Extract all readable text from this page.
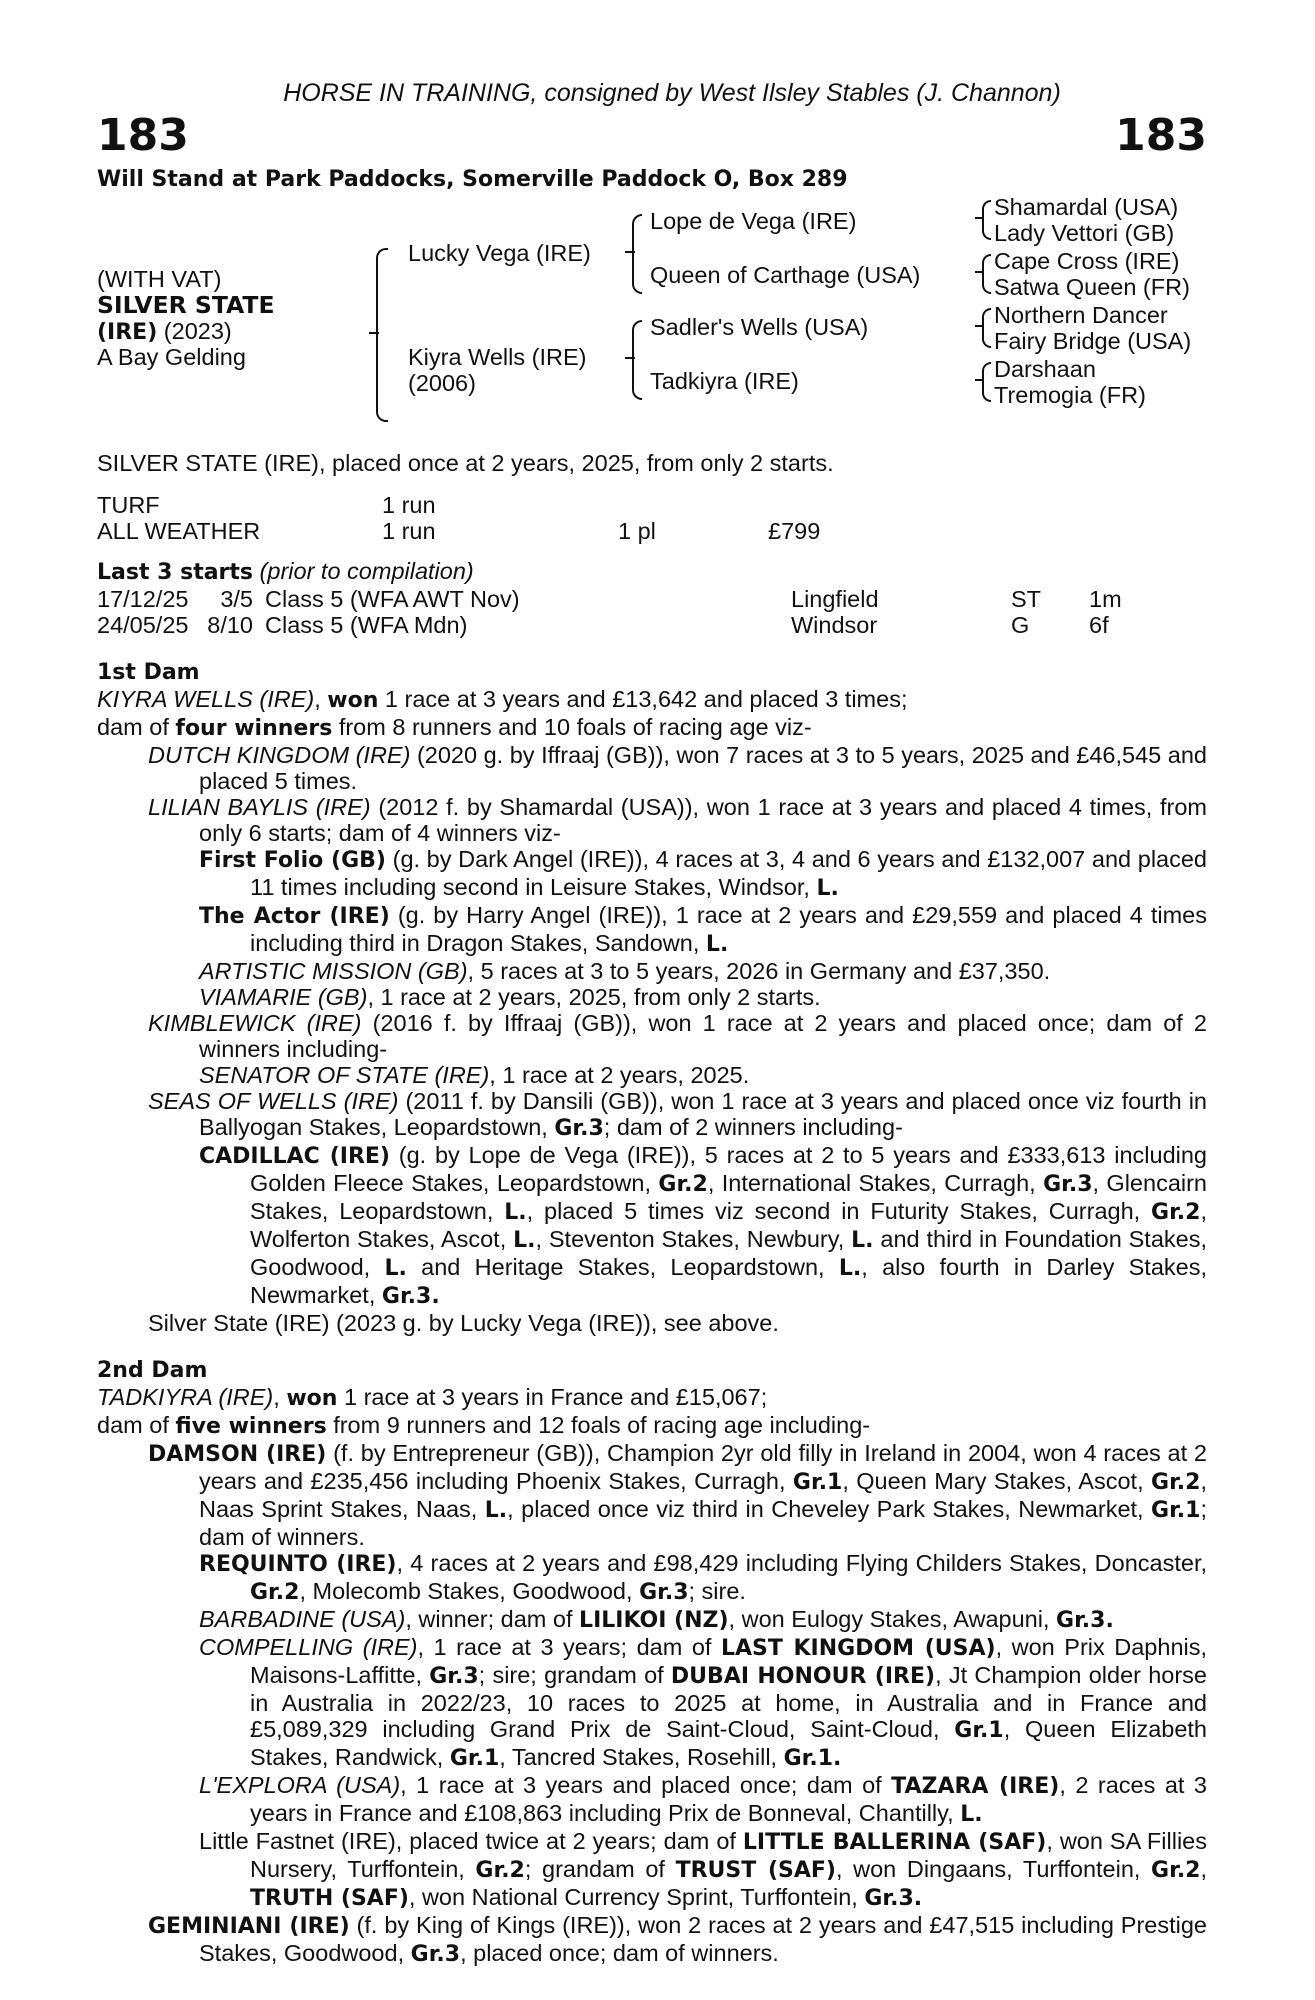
HORSE IN TRAINING, consigned by West Ilsley Stables (J. Channon)
183	183
Will Stand at Park Paddocks, Somerville Paddock O, Box 289
(WITH VAT)
SILVER STATE
(IRE) (2023)
A Bay Gelding
Lucky Vega (IRE)
Kiyra Wells (IRE)
(2006)
Lope de Vega (IRE)
Queen of Carthage (USA)
Sadler's Wells (USA)
Tadkiyra (IRE)
Shamardal (USA)
Lady Vettori (GB)
Cape Cross (IRE)
Satwa Queen (FR)
Northern Dancer
Fairy Bridge (USA)
Darshaan
Tremogia (FR)
SILVER STATE (IRE), placed once at 2 years, 2025, from only 2 starts.
TURF	1 run		
ALL WEATHER	1 run	1 pl	£799
Last 3 starts (prior to compilation)
17/12/25	3/5	Class 5 (WFA AWT Nov)	Lingfield	ST	1m
24/05/25	8/10	Class 5 (WFA Mdn)	Windsor	G	6f
1st Dam

KIYRA WELLS (IRE), won 1 race at 3 years and £13,642 and placed 3 times;

dam of four winners from 8 runners and 10 foals of racing age viz-

DUTCH KINGDOM (IRE) (2020 g. by Iffraaj (GB)), won 7 races at 3 to 5 years, 2025 and £46,545 and placed 5 times.

LILIAN BAYLIS (IRE) (2012 f. by Shamardal (USA)), won 1 race at 3 years and placed 4 times, from only 6 starts; dam of 4 winners viz-

First Folio (GB) (g. by Dark Angel (IRE)), 4 races at 3, 4 and 6 years and £132,007 and placed 11 times including second in Leisure Stakes, Windsor, L.

The Actor (IRE) (g. by Harry Angel (IRE)), 1 race at 2 years and £29,559 and placed 4 times including third in Dragon Stakes, Sandown, L.

ARTISTIC MISSION (GB), 5 races at 3 to 5 years, 2026 in Germany and £37,350.

VIAMARIE (GB), 1 race at 2 years, 2025, from only 2 starts.

KIMBLEWICK (IRE) (2016 f. by Iffraaj (GB)), won 1 race at 2 years and placed once; dam of 2 winners including-

SENATOR OF STATE (IRE), 1 race at 2 years, 2025.

SEAS OF WELLS (IRE) (2011 f. by Dansili (GB)), won 1 race at 3 years and placed once viz fourth in Ballyogan Stakes, Leopardstown, Gr.3; dam of 2 winners including-

CADILLAC (IRE) (g. by Lope de Vega (IRE)), 5 races at 2 to 5 years and £333,613 including Golden Fleece Stakes, Leopardstown, Gr.2, International Stakes, Curragh, Gr.3, Glencairn Stakes, Leopardstown, L., placed 5 times viz second in Futurity Stakes, Curragh, Gr.2, Wolferton Stakes, Ascot, L., Steventon Stakes, Newbury, L. and third in Foundation Stakes, Goodwood, L. and Heritage Stakes, Leopardstown, L., also fourth in Darley Stakes, Newmarket, Gr.3.

Silver State (IRE) (2023 g. by Lucky Vega (IRE)), see above.

2nd Dam

TADKIYRA (IRE), won 1 race at 3 years in France and £15,067;

dam of five winners from 9 runners and 12 foals of racing age including-

DAMSON (IRE) (f. by Entrepreneur (GB)), Champion 2yr old filly in Ireland in 2004, won 4 races at 2 years and £235,456 including Phoenix Stakes, Curragh, Gr.1, Queen Mary Stakes, Ascot, Gr.2, Naas Sprint Stakes, Naas, L., placed once viz third in Cheveley Park Stakes, Newmarket, Gr.1; dam of winners.

REQUINTO (IRE), 4 races at 2 years and £98,429 including Flying Childers Stakes, Doncaster, Gr.2, Molecomb Stakes, Goodwood, Gr.3; sire.

BARBADINE (USA), winner; dam of LILIKOI (NZ), won Eulogy Stakes, Awapuni, Gr.3.

COMPELLING (IRE), 1 race at 3 years; dam of LAST KINGDOM (USA), won Prix Daphnis, Maisons-Laffitte, Gr.3; sire; grandam of DUBAI HONOUR (IRE), Jt Champion older horse in Australia in 2022/23, 10 races to 2025 at home, in Australia and in France and £5,089,329 including Grand Prix de Saint-Cloud, Saint-Cloud, Gr.1, Queen Elizabeth Stakes, Randwick, Gr.1, Tancred Stakes, Rosehill, Gr.1.

L'EXPLORA (USA), 1 race at 3 years and placed once; dam of TAZARA (IRE), 2 races at 3 years in France and £108,863 including Prix de Bonneval, Chantilly, L.

Little Fastnet (IRE), placed twice at 2 years; dam of LITTLE BALLERINA (SAF), won SA Fillies Nursery, Turffontein, Gr.2; grandam of TRUST (SAF), won Dingaans, Turffontein, Gr.2, TRUTH (SAF), won National Currency Sprint, Turffontein, Gr.3.

GEMINIANI (IRE) (f. by King of Kings (IRE)), won 2 races at 2 years and £47,515 including Prestige Stakes, Goodwood, Gr.3, placed once; dam of winners.
